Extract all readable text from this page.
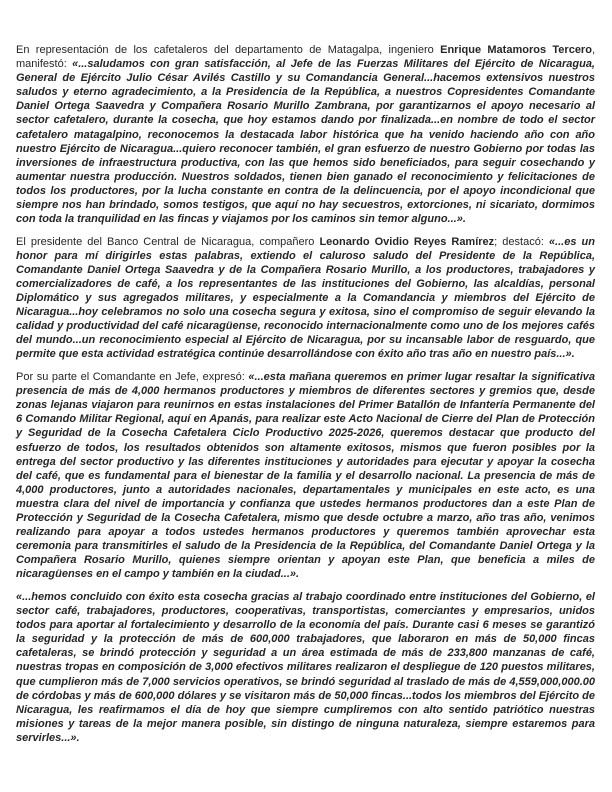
En representación de los cafetaleros del departamento de Matagalpa, ingeniero Enrique Matamoros Tercero, manifestó: «...saludamos con gran satisfacción, al Jefe de las Fuerzas Militares del Ejército de Nicaragua, General de Ejército Julio César Avilés Castillo y su Comandancia General...hacemos extensivos nuestros saludos y eterno agradecimiento, a la Presidencia de la República, a nuestros Copresidentes Comandante Daniel Ortega Saavedra y Compañera Rosario Murillo Zambrana, por garantizarnos el apoyo necesario al sector cafetalero, durante la cosecha, que hoy estamos dando por finalizada...en nombre de todo el sector cafetalero matagalpino, reconocemos la destacada labor histórica que ha venido haciendo año con año nuestro Ejército de Nicaragua...quiero reconocer también, el gran esfuerzo de nuestro Gobierno por todas las inversiones de infraestructura productiva, con las que hemos sido beneficiados, para seguir cosechando y aumentar nuestra producción. Nuestros soldados, tienen bien ganado el reconocimiento y felicitaciones de todos los productores, por la lucha constante en contra de la delincuencia, por el apoyo incondicional que siempre nos han brindado, somos testigos, que aquí no hay secuestros, extorciones, ni sicariato, dormimos con toda la tranquilidad en las fincas y viajamos por los caminos sin temor alguno...».

El presidente del Banco Central de Nicaragua, compañero Leonardo Ovidio Reyes Ramírez; destacó: «...es un honor para mí dirigirles estas palabras, extiendo el caluroso saludo del Presidente de la República, Comandante Daniel Ortega Saavedra y de la Compañera Rosario Murillo, a los productores, trabajadores y comercializadores de café, a los representantes de las instituciones del Gobierno, las alcaldías, personal Diplomático y sus agregados militares, y especialmente a la Comandancia y miembros del Ejército de Nicaragua...hoy celebramos no solo una cosecha segura y exitosa, sino el compromiso de seguir elevando la calidad y productividad del café nicaragüense, reconocido internacionalmente como uno de los mejores cafés del mundo...un reconocimiento especial al Ejército de Nicaragua, por su incansable labor de resguardo, que permite que esta actividad estratégica continúe desarrollándose con éxito año tras año en nuestro país...».

Por su parte el Comandante en Jefe, expresó: «...esta mañana queremos en primer lugar resaltar la significativa presencia de más de 4,000 hermanos productores y miembros de diferentes sectores y gremios que, desde zonas lejanas viajaron para reunirnos en estas instalaciones del Primer Batallón de Infantería Permanente del 6 Comando Militar Regional, aquí en Apanás, para realizar este Acto Nacional de Cierre del Plan de Protección y Seguridad de la Cosecha Cafetalera Ciclo Productivo 2025-2026, queremos destacar que producto del esfuerzo de todos, los resultados obtenidos son altamente exitosos, mismos que fueron posibles por la entrega del sector productivo y las diferentes instituciones y autoridades para ejecutar y apoyar la cosecha del café, que es fundamental para el bienestar de la familia y el desarrollo nacional. La presencia de más de 4,000 productores, junto a autoridades nacionales, departamentales y municipales en este acto, es una muestra clara del nivel de importancia y confianza que ustedes hermanos productores dan a este Plan de Protección y Seguridad de la Cosecha Cafetalera, mismo que desde octubre a marzo, año tras año, venimos realizando para apoyar a todos ustedes hermanos productores y queremos también aprovechar esta ceremonia para transmitirles el saludo de la Presidencia de la República, del Comandante Daniel Ortega y la Compañera Rosario Murillo, quienes siempre orientan y apoyan este Plan, que beneficia a miles de nicaragüenses en el campo y también en la ciudad...».

«...hemos concluido con éxito esta cosecha gracias al trabajo coordinado entre instituciones del Gobierno, el sector café, trabajadores, productores, cooperativas, transportistas, comerciantes y empresarios, unidos todos para aportar al fortalecimiento y desarrollo de la economía del país. Durante casi 6 meses se garantizó la seguridad y la protección de más de 600,000 trabajadores, que laboraron en más de 50,000 fincas cafetaleras, se brindó protección y seguridad a un área estimada de más de 233,800 manzanas de café, nuestras tropas en composición de 3,000 efectivos militares realizaron el despliegue de 120 puestos militares, que cumplieron más de 7,000 servicios operativos, se brindó seguridad al traslado de más de 4,559,000,000.00 de córdobas y más de 600,000 dólares y se visitaron más de 50,000 fincas...todos los miembros del Ejército de Nicaragua, les reafirmamos el día de hoy que siempre cumpliremos con alto sentido patriótico nuestras misiones y tareas de la mejor manera posible, sin distingo de ninguna naturaleza, siempre estaremos para servirles...».
